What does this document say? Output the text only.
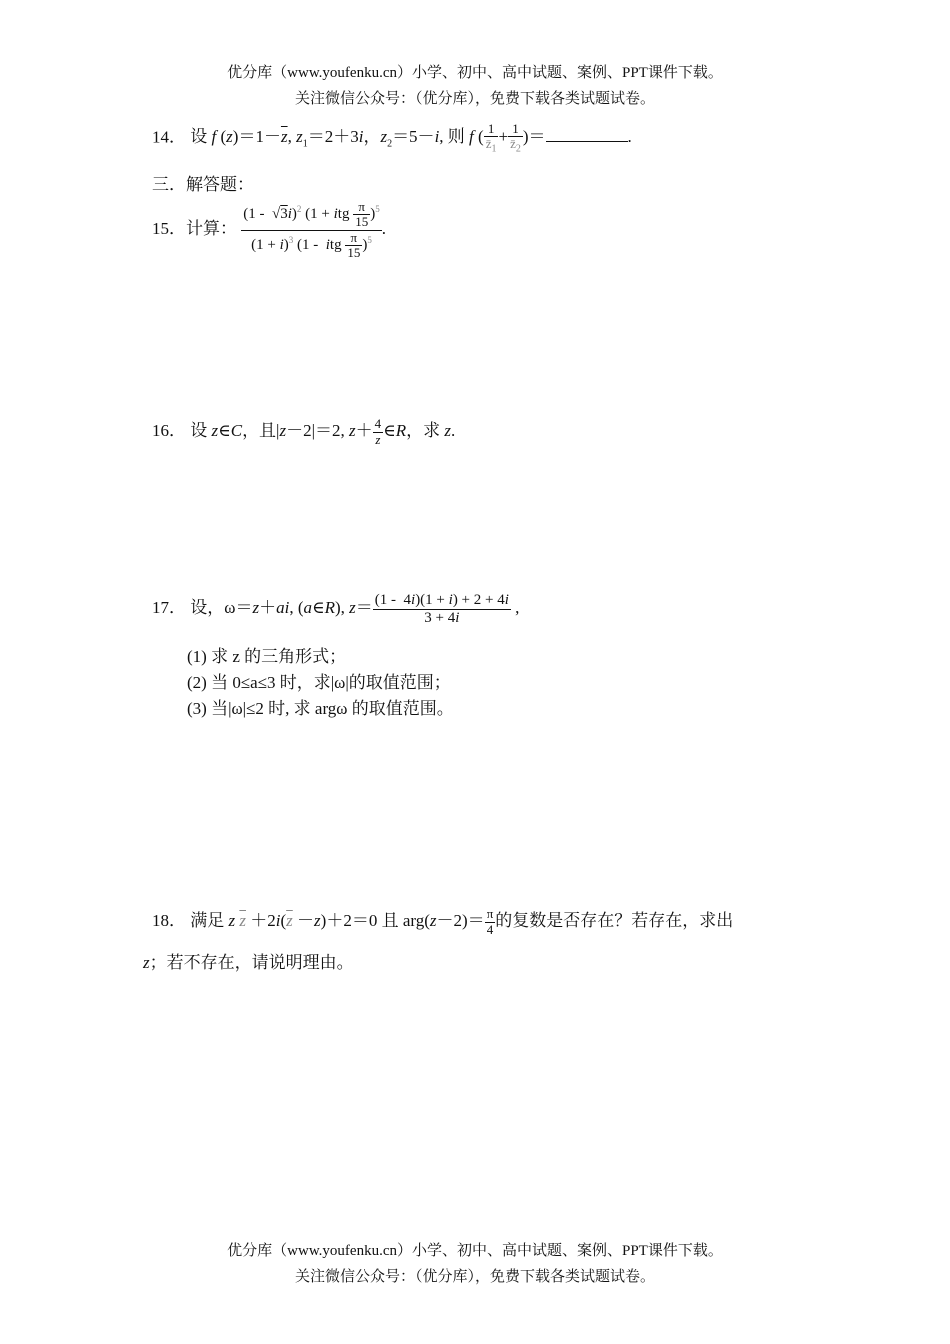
优分库（www.youfenku.cn）小学、初中、高中试题、案例、PPT课件下载。
关注微信公众号：（优分库），免费下载各类试题试卷。
14． 设 f $(z)=1-\overline{z}$, $z_1=2+3i$，$z_2=5-i$, 则 f ( $\frac{1}{z̄_1} + \frac{1}{z̄_2}$ )＝	.
三．解答题：
15．计算： $\frac{(1 - √3i)^2 (1 + itg \frac{\pi}{15} )^5}{(1 + i)^3 (1 - itg \frac{\pi}{15} )^5}$ .
16． 设 z∈C，且|z－2|＝2, $z+ \frac{4}{z}$ ∈R，求 z.
17． 设，ω＝z＋ai, (a∈R), $z= \frac{(1 - 4i)(1 + i) + 2 + 4i}{3 + 4i}$ ,
(1) 求 z 的三角形式；
(2) 当 0≤a≤3 时，求|ω|的取值范围；
(3) 当|ω|≤2 时, 求 argω 的取值范围。
18． 满足 z $\overline{z} +2i(\overline{z} -z)+2=0$ 且 $arg(z-2)= \frac{\pi}{4}$ 的复数是否存在？若存在，求出
z；若不存在，请说明理由。
优分库（www.youfenku.cn）小学、初中、高中试题、案例、PPT课件下载。
关注微信公众号：（优分库），免费下载各类试题试卷。
